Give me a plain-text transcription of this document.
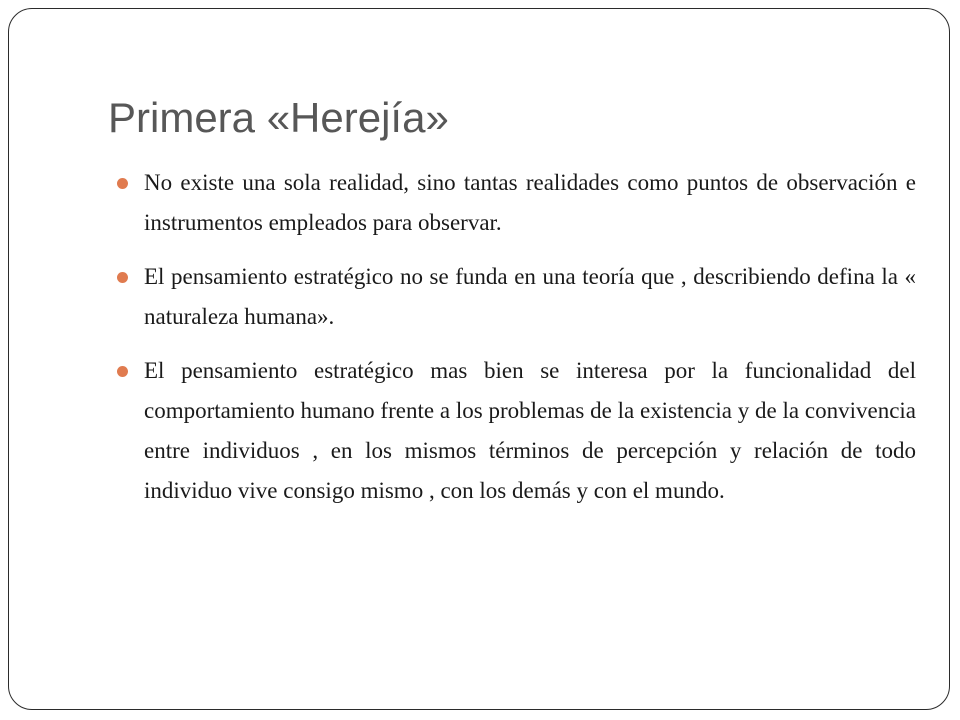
Primera «Herejía»
No existe una sola realidad, sino tantas realidades como puntos de observación e instrumentos empleados para observar.
El pensamiento estratégico no se funda en una teoría que , describiendo defina la « naturaleza humana».
El pensamiento estratégico mas bien se interesa por la funcionalidad del comportamiento humano frente a los problemas de la existencia y de la convivencia entre individuos , en los mismos términos de percepción y relación de todo individuo vive consigo mismo , con los demás y con el mundo.
